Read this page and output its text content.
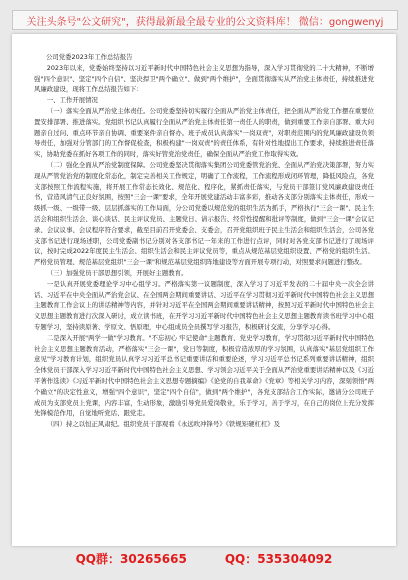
关注头条号"公文研究"，获得最新最全最专业的公文资料库！ 微信：gongwenyj

公司党委2023年工作总结报告

2023年以来，党委始终坚持以习近平新时代中国特色社会主义思想为指导，深入学习贯彻党的二十大精神，不断增强"四个意识"、坚定"四个自信"、坚决捍卫"两个确立"、做到"两个维护"，全面贯彻落实从严治党主体责任，持续推进党风廉政建设，现将工作总结报告如下：

一、工作开展情况

（一）落实全面从严治党主体责任。公司党委坚持切实履行全面从严治党主体责任，把全面从严治党工作摆在重要位置安排部署、推进落实。党组织书记认真履行全面从严治党主体责任第一责任人的职责，做到重要工作亲自部署、重大问题亲自过问、重点环节亲自协调、重要案件亲自督办。班子成员认真落实"一岗双责"，对职责范围内的党风廉政建设负领导责任，加强对分管部门的工作督促检查，积极构建"一岗双责"的责任体系，有针对性地提出工作要求，持续推进责任落实，协助党委在抓好各项工作的同时，落实好管党治党责任，确保全面从严治党工作取得实效。

（二）强化全面从严治党制度保障。公司党委坚决贯彻落实集团公司党委管党治党、全面从严治党决策部署，努力实现从严管党治党的制度化常态化，制定完善相关工作规定，明确了工作流程，工作流程形成闭环管理，降低风险点，各党支部按照工作流程实施，将开展工作常态长效化、规范化、程序化，紧抓责任落实，与党员干部签订党风廉政建设责任书，营造风清气正良好氛围，按照"三会一课"要求，全年开展党建活动丰富多彩，推动各支部分别落实主体责任，形成一级抓一级、一级带一级、层层抓落实的工作局面，分公司党委以规范党的组织生活为抓手，严格执行"三会一课"、民主生活会和组织生活会、谈心谈话、民主评议党员、主题党日、请示报告、经常性提醒和批评等制度，做到"三会一课"会议记录、会议议事、会议程序符合要求，截至目前召开党委会、支委会，召开党组织班子民主生活会和组织生活会，公司各党支部书记进行现场述职，公司党委副书记分别对各支部书记一年来的工作进行点评，同时对各党支部书记进行了现场评议，按时完成2022年度民主生活会、组织生活会和民主评议党员等，重点从规范基层党组织设置、严格党的组织生活、严格党员管理、规范基层党组织"三会一课"和规范基层党组织阵地建设等方面开展专项行动，对照要求问题进行整改。

（三）加强党员干部思想引领，开展好主题教育。

一是认真开展党委理论学习中心组学习。严格落实第一议题制度，深入学习了习近平发表的二十届中央一次全会讲话、习近平在中央全面从严治党会议、在全国两会期间重要讲话、习近平在学习贯彻习近平新时代中国特色社会主义思想主题教育工作会议上的讲话精神等内容，并针对习近平在全国两会期间重要讲话精神，按照习近平新时代中国特色社会主义思想主题教育进行次深入研讨，成立读书班，在开学习习近平新时代中国特色社会主义思想主题教育读书班学习中心组专题学习，坚持读原著、学原文、悟原理，中心组成员全员撰写学习报告，积极研讨交流，分享学习心得。

二是深入开展"两学一做"学习教育。"不忘初心 牢记使命"主题教育、党史学习教育，学习贯彻习近平新时代中国特色社会主义思想主题教育活动，严格落实"三会一课"，党日等制度，积极营造浓厚的学习氛围，认真落实"基层党组织工作意见"学习教育计划，组织党员认真学习习近平总书记重要讲话和重要论述，学习习近平总书记系列重要讲话精神，组织全体党员干部深入学习习近平新时代中国特色社会主义思想、学习领会习近平关于全面从严治党重要讲话精神以及《习近平著作选读》《习近平新时代中国特色社会主义思想专题摘编》《论党的自我革命》《党章》等相关学习内容，深刻领悟"两个确立"的决定性意义，增强"四个意识"，坚定"四个自信"，做到"两个维护"，各党支部结合工作实际，邀请分公司班子成员为支部党员上党课，内容丰富，生动形象，激励引导党员爱岗敬业，乐于学习，善于学习，在自己的岗位上充分发挥先锋模范作用，自觉地听党话、跟党走。

（四）持之以恒正风肃纪。组织党员干部观看《永远吹冲锋号》《铁规矩硬杠杠》及

QQ群：30265665	QQ：535304092
